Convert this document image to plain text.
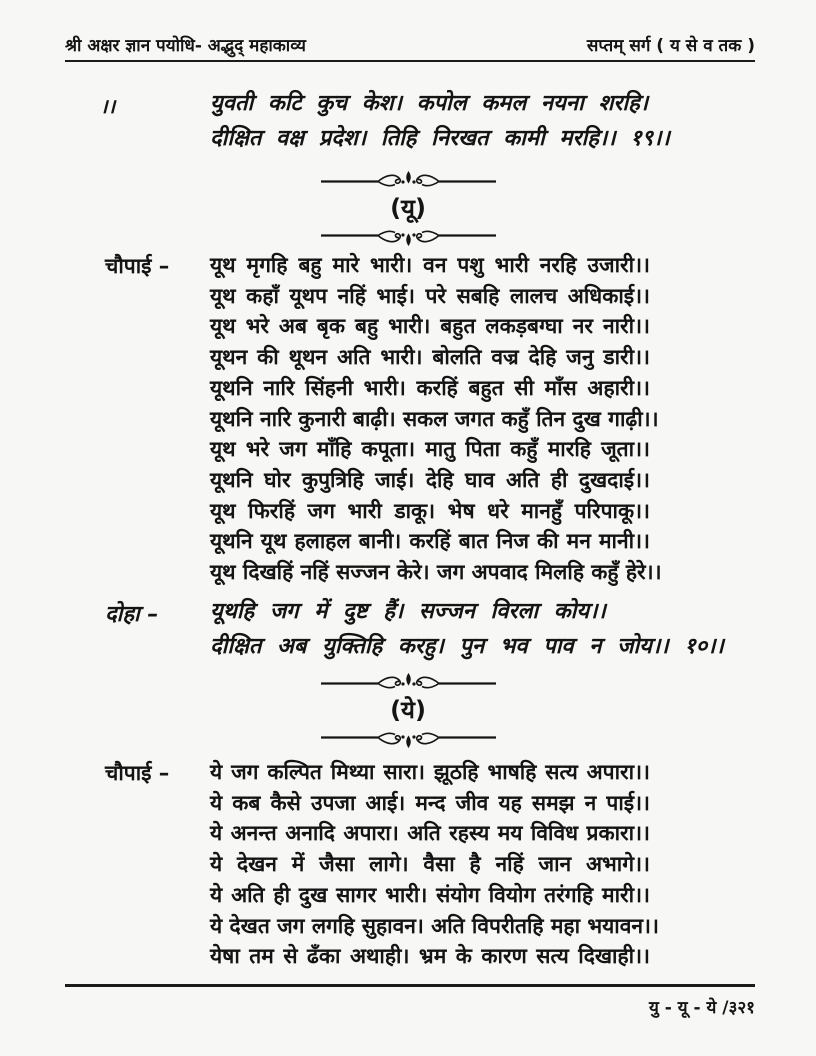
श्री अक्षर ज्ञान पयोधि- अद्भुद् महाकाव्य	सप्तम् सर्ग ( य से व तक )
।।	युवती कटि कुच केश। कपोल कमल नयना शरहि।
दीक्षित वक्ष प्रदेश। तिहि निरखत कामी मरहि।। १९।।
(यू)
चौपाई – यूथ मृगहि बहु मारे भारी। वन पशु भारी नरहि उजारी।।
यूथ कहाँ यूथप नहिं भाई। परे सबहि लालच अधिकाई।।
यूथ भरे अब बृक बहु भारी। बहुत लकड़बग्घा नर नारी।।
यूथन की थूथन अति भारी। बोलति वज्र देहि जनु डारी।।
यूथनि नारि सिंहनी भारी। करहिं बहुत सी माँस अहारी।।
यूथनि नारि कुनारी बाढ़ी। सकल जगत कहुँ तिन दुख गाढ़ी।।
यूथ भरे जग माँहि कपूता। मातु पिता कहुँ मारहि जूता।।
यूथनि घोर कुपुत्रिहि जाई। देहि घाव अति ही दुखदाई।।
यूथ फिरहिं जग भारी डाकू। भेष धरे मानहुँ परिपाकू।।
यूथनि यूथ हलाहल बानी। करहिं बात निज की मन मानी।।
यूथ दिखहिं नहिं सज्जन केरे। जग अपवाद मिलहि कहुँ हेरे।।
दोहा – यूथहि जग में दुष्ट हैं। सज्जन विरला कोय।।
दीक्षित अब युक्तिहि करहु। पुन भव पाव न जोय।। १०।।
(ये)
चौपाई – ये जग कल्पित मिथ्या सारा। झूठहि भाषहि सत्य अपारा।।
ये कब कैसे उपजा आई। मन्द जीव यह समझ न पाई।।
ये अनन्त अनादि अपारा। अति रहस्य मय विविध प्रकारा।।
ये देखन में जैसा लागे। वैसा है नहिं जान अभागे।।
ये अति ही दुख सागर भारी। संयोग वियोग तरंगहि मारी।।
ये देखत जग लगहि सुहावन। अति विपरीतहि महा भयावन।।
येषा तम से ढँका अथाही। भ्रम के कारण सत्य दिखाही।।
यु - यू - ये /३२१
